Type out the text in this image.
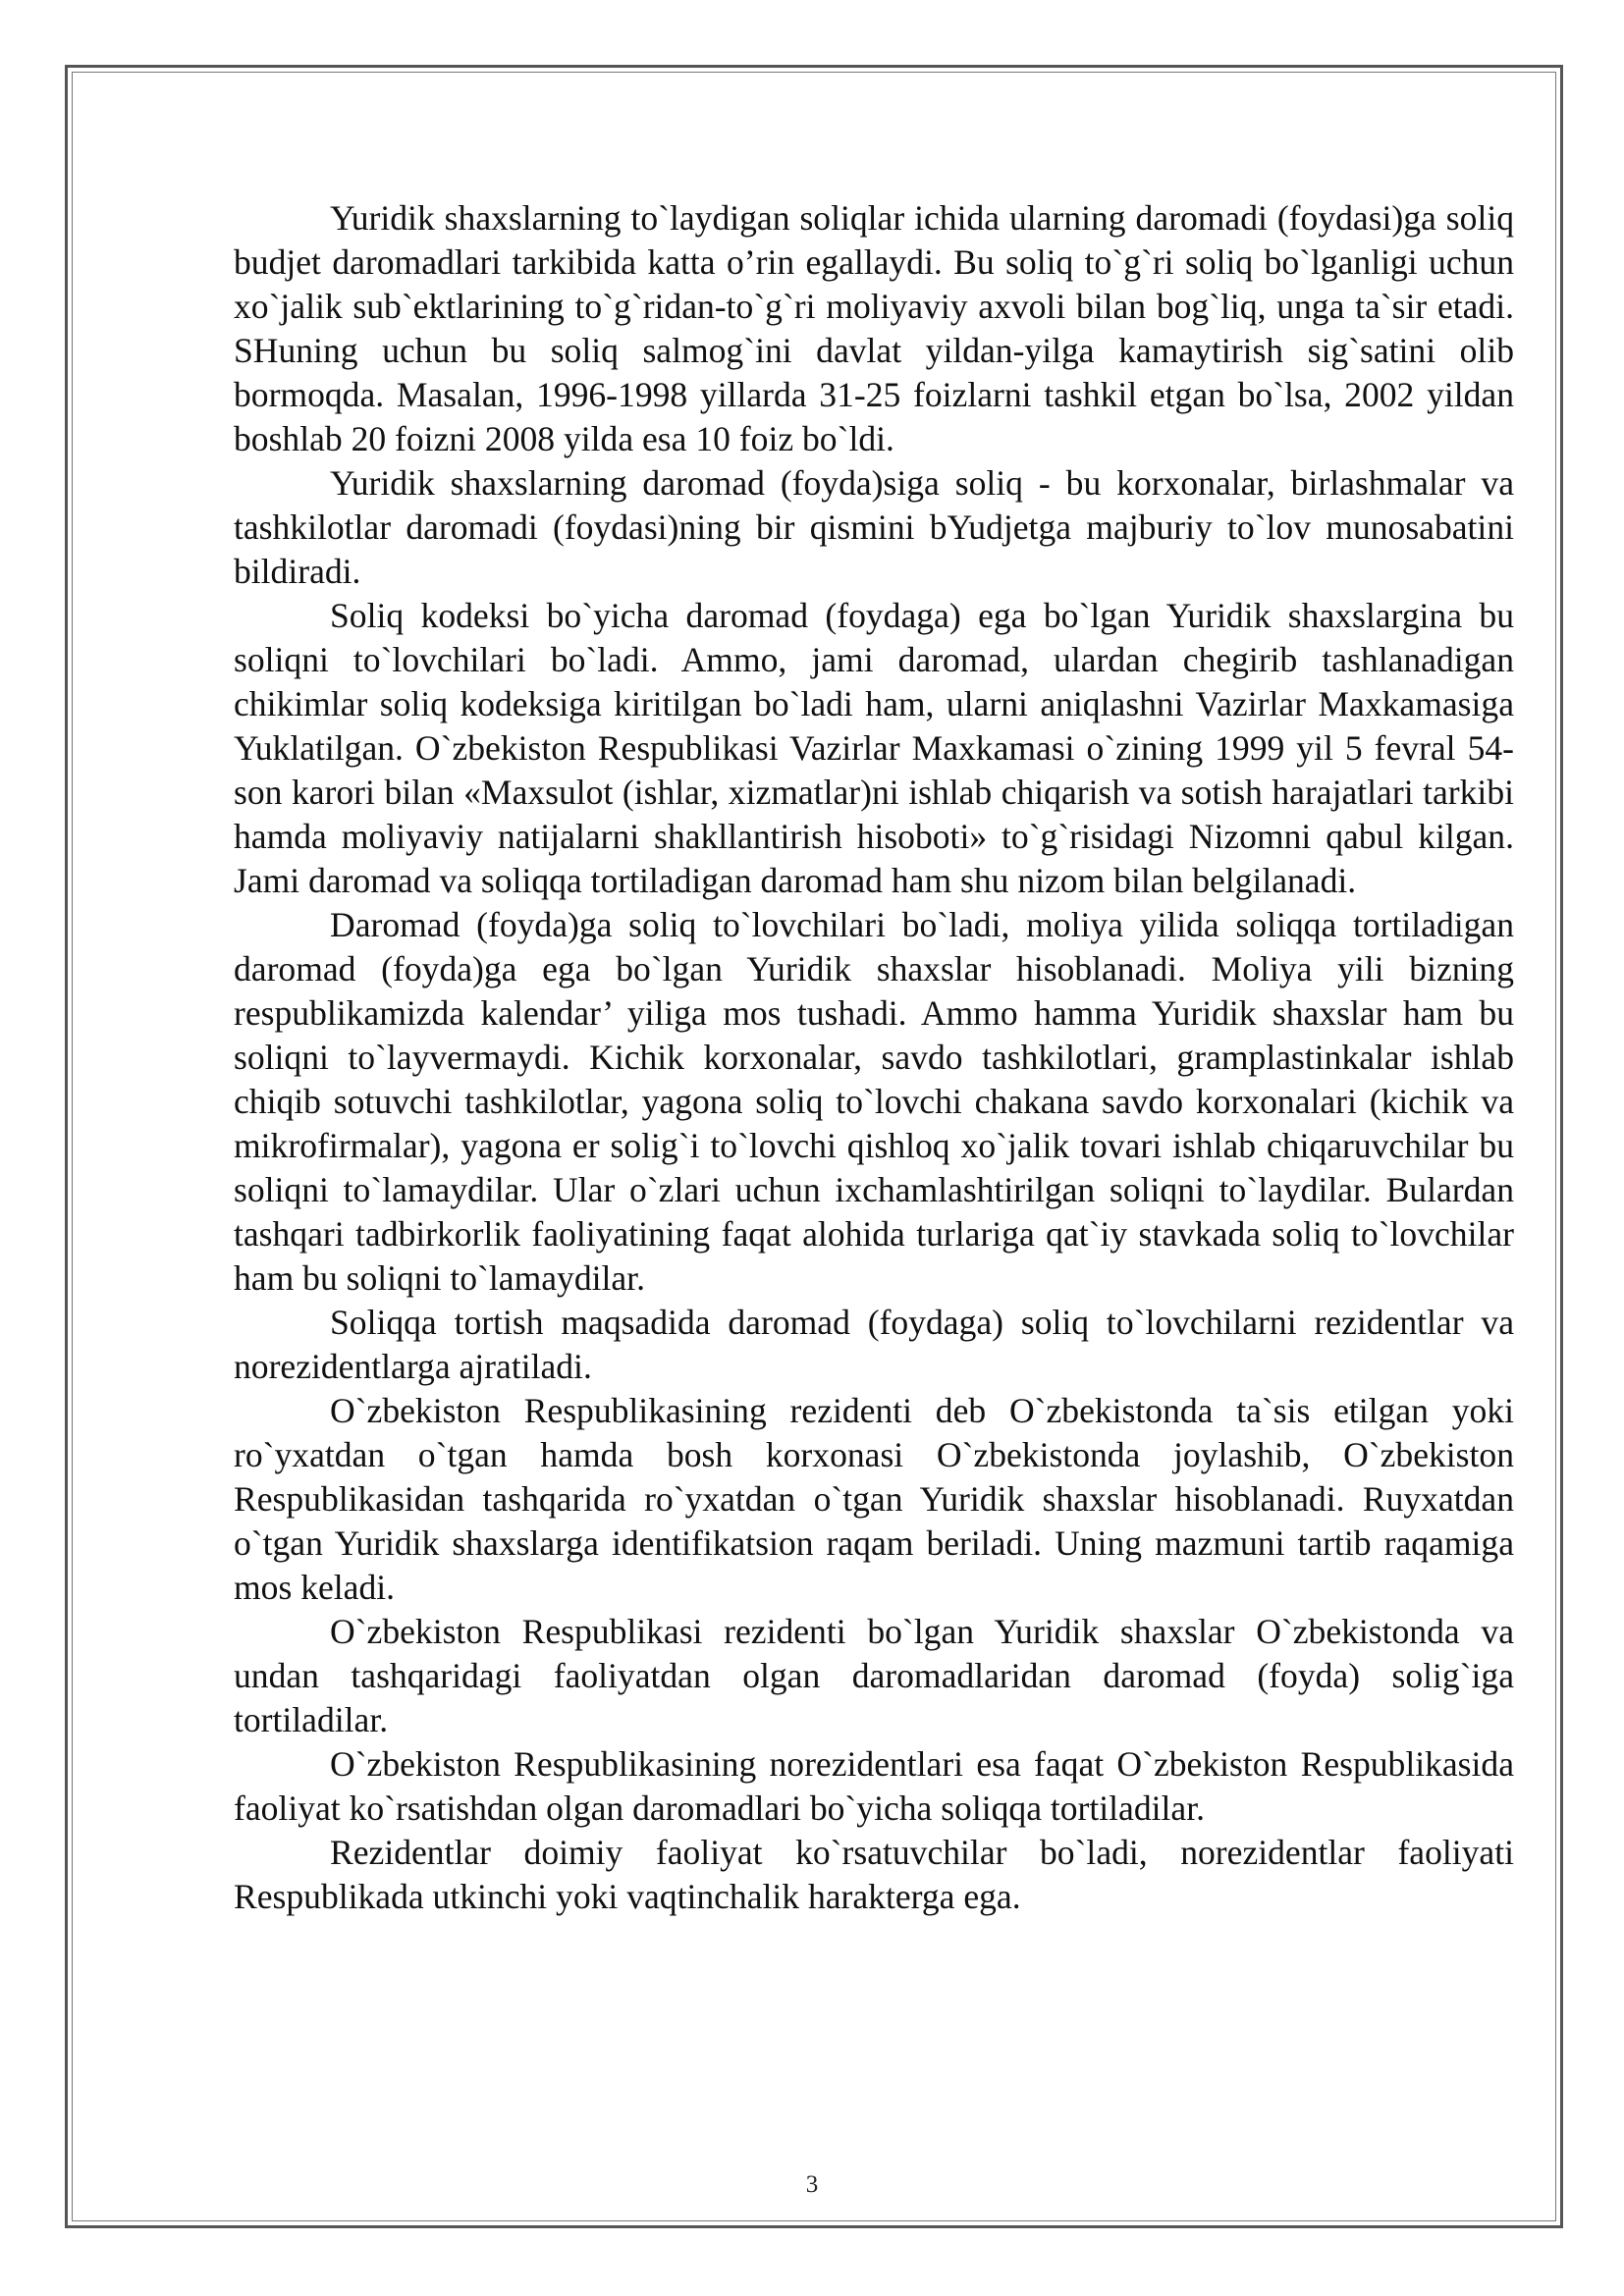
Yuridik shaxslarning to`laydigan soliqlar ichida ularning daromadi (foydasi)ga soliq budjet daromadlari tarkibida katta o’rin egallaydi. Bu soliq to`g`ri soliq bo`lganligi uchun xo`jalik sub`ektlarining to`g`ridan-to`g`ri moliyaviy axvoli bilan bog`liq, unga ta`sir etadi. SHuning uchun bu soliq salmog`ini davlat yildan-yilga kamaytirish sig`satini olib bormoqda. Masalan, 1996-1998 yillarda 31-25 foizlarni tashkil etgan bo`lsa, 2002 yildan boshlab 20 foizni 2008 yilda esa 10 foiz bo`ldi.

Yuridik shaxslarning daromad (foyda)siga soliq - bu korxonalar, birlashmalar va tashkilotlar daromadi (foydasi)ning bir qismini bYudjetga majburiy to`lov munosabatini bildiradi.

Soliq kodeksi bo`yicha daromad (foydaga) ega bo`lgan Yuridik shaxslargina bu soliqni to`lovchilari bo`ladi. Ammo, jami daromad, ulardan chegirib tashlanadigan chikimlar soliq kodeksiga kiritilgan bo`ladi ham, ularni aniqlashni Vazirlar Maxkamasiga Yuklatilgan. O`zbekiston Respublikasi Vazirlar Maxkamasi o`zining 1999 yil 5 fevral 54-son karori bilan «Maxsulot (ishlar, xizmatlar)ni ishlab chiqarish va sotish harajatlari tarkibi hamda moliyaviy natijalarni shakllantirish hisoboti» to`g`risidagi Nizomni qabul kilgan. Jami daromad va soliqqa tortiladigan daromad ham shu nizom bilan belgilanadi.

Daromad (foyda)ga soliq to`lovchilari bo`ladi, moliya yilida soliqqa tortiladigan daromad (foyda)ga ega bo`lgan Yuridik shaxslar hisoblanadi. Moliya yili bizning respublikamizda kalendar’ yiliga mos tushadi. Ammo hamma Yuridik shaxslar ham bu soliqni to`layvermaydi. Kichik korxonalar, savdo tashkilotlari, gramplastinkalar ishlab chiqib sotuvchi tashkilotlar, yagona soliq to`lovchi chakana savdo korxonalari (kichik va mikrofirmalar), yagona er solig`i to`lovchi qishloq xo`jalik tovari ishlab chiqaruvchilar bu soliqni to`lamaydilar. Ular o`zlari uchun ixchamlashtirilgan soliqni to`laydilar. Bulardan tashqari tadbirkorlik faoliyatining faqat alohida turlariga qat`iy stavkada soliq to`lovchilar ham bu soliqni to`lamaydilar.

Soliqqa tortish maqsadida daromad (foydaga) soliq to`lovchilarni rezidentlar va norezidentlarga ajratiladi.

O`zbekiston Respublikasining rezidenti deb O`zbekistonda ta`sis etilgan yoki ro`yxatdan o`tgan hamda bosh korxonasi O`zbekistonda joylashib, O`zbekiston Respublikasidan tashqarida ro`yxatdan o`tgan Yuridik shaxslar hisoblanadi. Ruyxatdan o`tgan Yuridik shaxslarga identifikatsion raqam beriladi. Uning mazmuni tartib raqamiga mos keladi.

O`zbekiston Respublikasi rezidenti bo`lgan Yuridik shaxslar O`zbekistonda va undan tashqaridagi faoliyatdan olgan daromadlaridan daromad (foyda) solig`iga tortiladilar.

O`zbekiston Respublikasining norezidentlari esa faqat O`zbekiston Respublikasida faoliyat ko`rsatishdan olgan daromadlari bo`yicha soliqqa tortiladilar.

Rezidentlar doimiy faoliyat ko`rsatuvchilar bo`ladi, norezidentlar faoliyati Respublikada utkinchi yoki vaqtinchalik harakterga ega.

3
